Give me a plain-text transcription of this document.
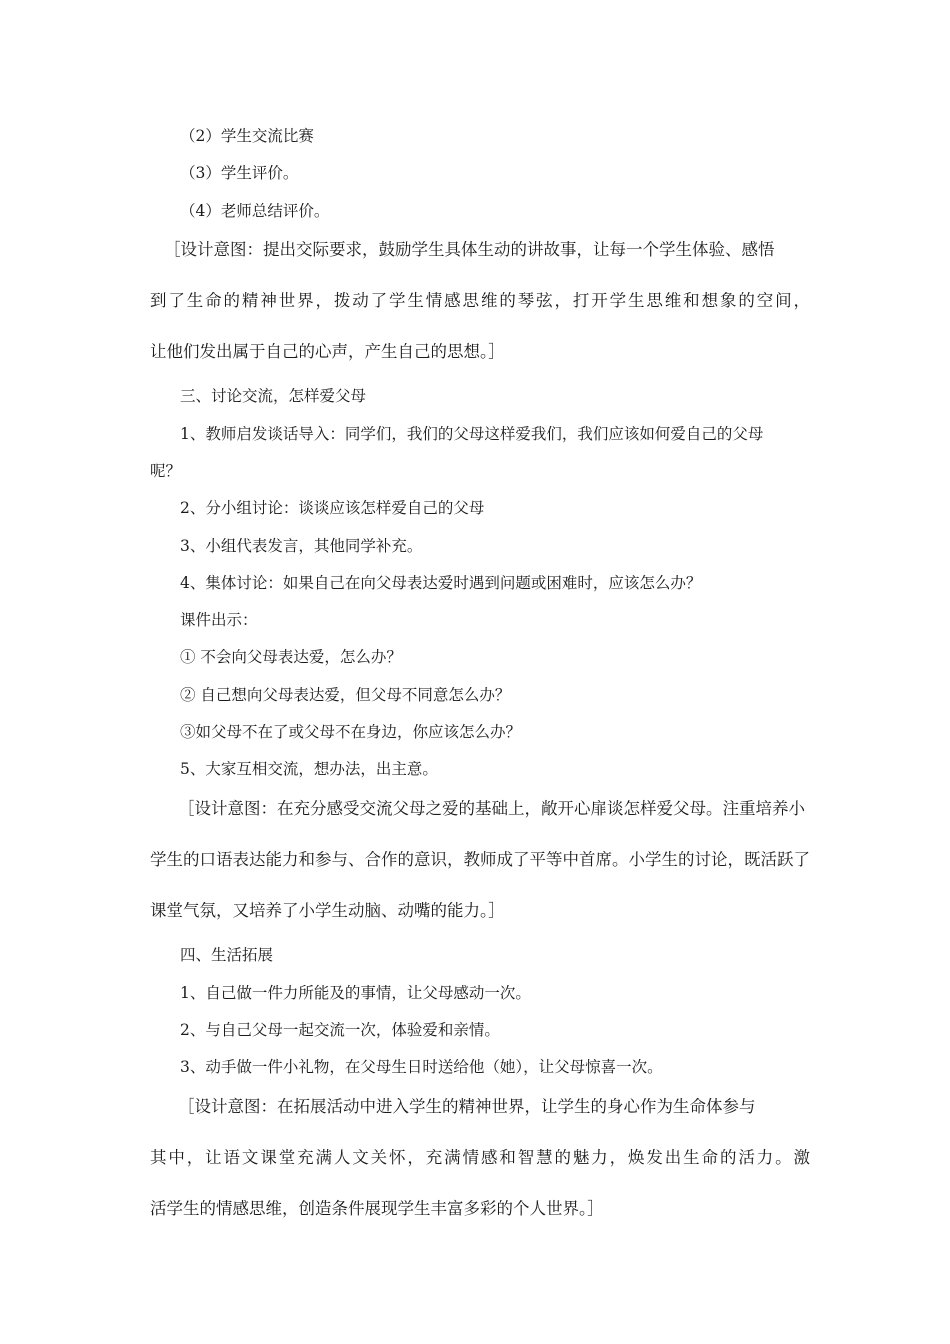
（2）学生交流比赛

（3）学生评价。

（4）老师总结评价。

［设计意图：提出交际要求，鼓励学生具体生动的讲故事，让每一个学生体验、感悟

到了生命的精神世界，拨动了学生情感思维的琴弦，打开学生思维和想象的空间，

让他们发出属于自己的心声，产生自己的思想。］

三、讨论交流，怎样爱父母

1、教师启发谈话导入：同学们，我们的父母这样爱我们，我们应该如何爱自己的父母

呢？

2、分小组讨论：谈谈应该怎样爱自己的父母

3、小组代表发言，其他同学补充。

4、集体讨论：如果自己在向父母表达爱时遇到问题或困难时，应该怎么办？

课件出示：

① 不会向父母表达爱，怎么办？

② 自己想向父母表达爱，但父母不同意怎么办？

③如父母不在了或父母不在身边，你应该怎么办？

5、大家互相交流，想办法，出主意。

［设计意图：在充分感受交流父母之爱的基础上，敞开心扉谈怎样爱父母。注重培养小

学生的口语表达能力和参与、合作的意识，教师成了平等中首席。小学生的讨论，既活跃了

课堂气氛，又培养了小学生动脑、动嘴的能力。］

四、生活拓展

1、自己做一件力所能及的事情，让父母感动一次。

2、与自己父母一起交流一次，体验爱和亲情。

3、动手做一件小礼物，在父母生日时送给他（她），让父母惊喜一次。

［设计意图：在拓展活动中进入学生的精神世界，让学生的身心作为生命体参与

其中，让语文课堂充满人文关怀，充满情感和智慧的魅力，焕发出生命的活力。激

活学生的情感思维，创造条件展现学生丰富多彩的个人世界。］
